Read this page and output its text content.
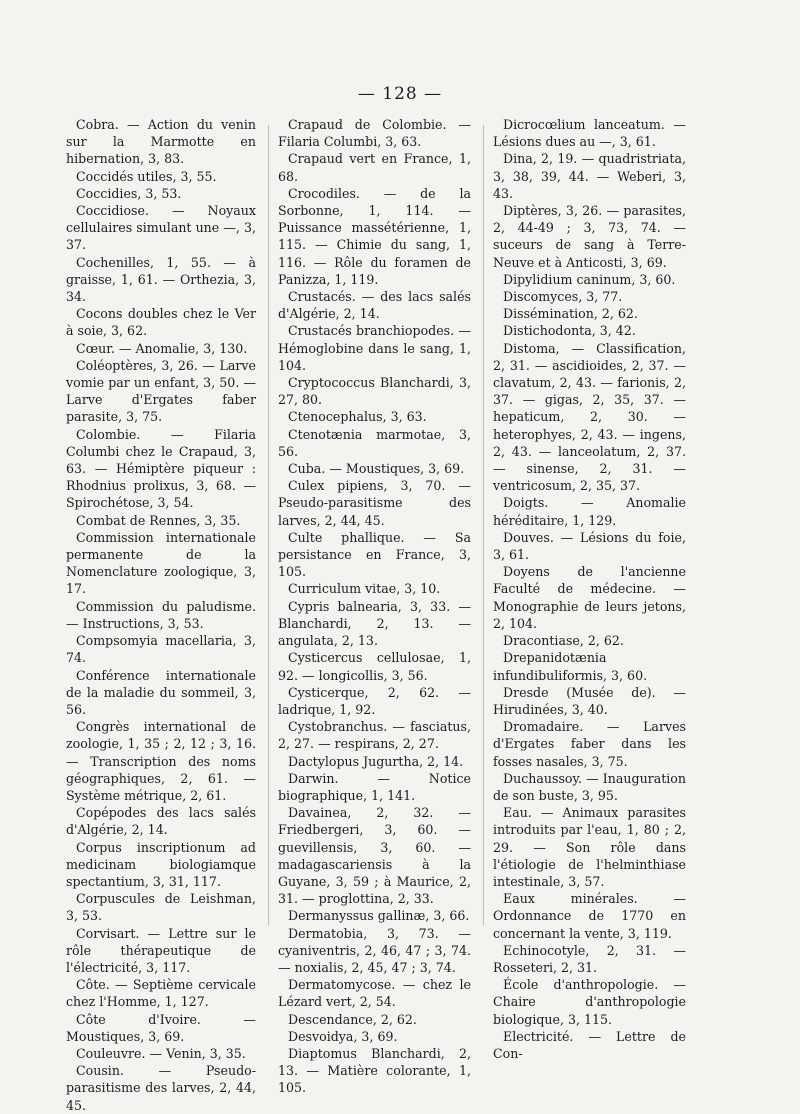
— 128 —

Cobra. — Action du venin sur la Marmotte en hibernation, 3, 83.

Coccidés utiles, 3, 55.

Coccidies, 3, 53.

Coccidiose. — Noyaux cellulaires simulant une —, 3, 37.

Cochenilles, 1, 55. — à graisse, 1, 61. — Orthezia, 3, 34.

Cocons doubles chez le Ver à soie, 3, 62.

Cœur. — Anomalie, 3, 130.

Coléoptères, 3, 26. — Larve vomie par un enfant, 3, 50. — Larve d'Ergates faber parasite, 3, 75.

Colombie. — Filaria Columbi chez le Crapaud, 3, 63. — Hémiptère piqueur : Rhodnius prolixus, 3, 68. — Spirochétose, 3, 54.

Combat de Rennes, 3, 35.

Commission internationale permanente de la Nomenclature zoologique, 3, 17.

Commission du paludisme. — Instructions, 3, 53.

Compsomyia macellaria, 3, 74.

Conférence internationale de la maladie du sommeil, 3, 56.

Congrès international de zoologie, 1, 35 ; 2, 12 ; 3, 16. — Transcription des noms géographiques, 2, 61. — Système métrique, 2, 61.

Copépodes des lacs salés d'Algérie, 2, 14.

Corpus inscriptionum ad medicinam biologiamque spectantium, 3, 31, 117.

Corpuscules de Leishman, 3, 53.

Corvisart. — Lettre sur le rôle thérapeutique de l'électricité, 3, 117.

Côte. — Septième cervicale chez l'Homme, 1, 127.

Côte d'Ivoire. — Moustiques, 3, 69.

Couleuvre. — Venin, 3, 35.

Cousin. — Pseudo-parasitisme des larves, 2, 44, 45.

Crapaud de Colombie. — Filaria Columbi, 3, 63.

Crapaud vert en France, 1, 68.

Crocodiles. — de la Sorbonne, 1, 114. — Puissance massétérienne, 1, 115. — Chimie du sang, 1, 116. — Rôle du foramen de Panizza, 1, 119.

Crustacés. — des lacs salés d'Algérie, 2, 14.

Crustacés branchiopodes. — Hémoglobine dans le sang, 1, 104.

Cryptococcus Blanchardi, 3, 27, 80.

Ctenocephalus, 3, 63.

Ctenotænia marmotae, 3, 56.

Cuba. — Moustiques, 3, 69.

Culex pipiens, 3, 70. — Pseudo-parasitisme des larves, 2, 44, 45.

Culte phallique. — Sa persistance en France, 3, 105.

Curriculum vitae, 3, 10.

Cypris balnearia, 3, 33. — Blanchardi, 2, 13. — angulata, 2, 13.

Cysticercus cellulosae, 1, 92. — longicollis, 3, 56.

Cysticerque, 2, 62. — ladrique, 1, 92.

Cystobranchus. — fasciatus, 2, 27. — respirans, 2, 27.

Dactylopus Jugurtha, 2, 14.

Darwin. — Notice biographique, 1, 141.

Davainea, 2, 32. — Friedbergeri, 3, 60. — guevillensis, 3, 60. — madagascariensis à la Guyane, 3, 59 ; à Maurice, 2, 31. — proglottina, 2, 33.

Dermanyssus gallinæ, 3, 66.

Dermatobia, 3, 73. — cyaniventris, 2, 46, 47 ; 3, 74. — noxialis, 2, 45, 47 ; 3, 74.

Dermatomycose. — chez le Lézard vert, 2, 54.

Descendance, 2, 62.

Desvoidya, 3, 69.

Diaptomus Blanchardi, 2, 13. — Matière colorante, 1, 105.

Dicrocœlium lanceatum. — Lésions dues au —, 3, 61.

Dina, 2, 19. — quadristriata, 3, 38, 39, 44. — Weberi, 3, 43.

Diptères, 3, 26. — parasites, 2, 44-49 ; 3, 73, 74. — suceurs de sang à Terre-Neuve et à Anticosti, 3, 69.

Dipylidium caninum, 3, 60.

Discomyces, 3, 77.

Dissémination, 2, 62.

Distichodonta, 3, 42.

Distoma, — Classification, 2, 31. — ascidioides, 2, 37. — clavatum, 2, 43. — farionis, 2, 37. — gigas, 2, 35, 37. — hepaticum, 2, 30. — heterophyes, 2, 43. — ingens, 2, 43. — lanceolatum, 2, 37. — sinense, 2, 31. — ventricosum, 2, 35, 37.

Doigts. — Anomalie héréditaire, 1, 129.

Douves. — Lésions du foie, 3, 61.

Doyens de l'ancienne Faculté de médecine. — Monographie de leurs jetons, 2, 104.

Dracontiase, 2, 62.

Drepanidotænia infundibuliformis, 3, 60.

Dresde (Musée de). — Hirudinées, 3, 40.

Dromadaire. — Larves d'Ergates faber dans les fosses nasales, 3, 75.

Duchaussoy. — Inauguration de son buste, 3, 95.

Eau. — Animaux parasites introduits par l'eau, 1, 80 ; 2, 29. — Son rôle dans l'étiologie de l'helminthiase intestinale, 3, 57.

Eaux minérales. — Ordonnance de 1770 en concernant la vente, 3, 119.

Echinocotyle, 2, 31. — Rosseteri, 2, 31.

École d'anthropologie. — Chaire d'anthropologie biologique, 3, 115.

Electricité. — Lettre de Con-
